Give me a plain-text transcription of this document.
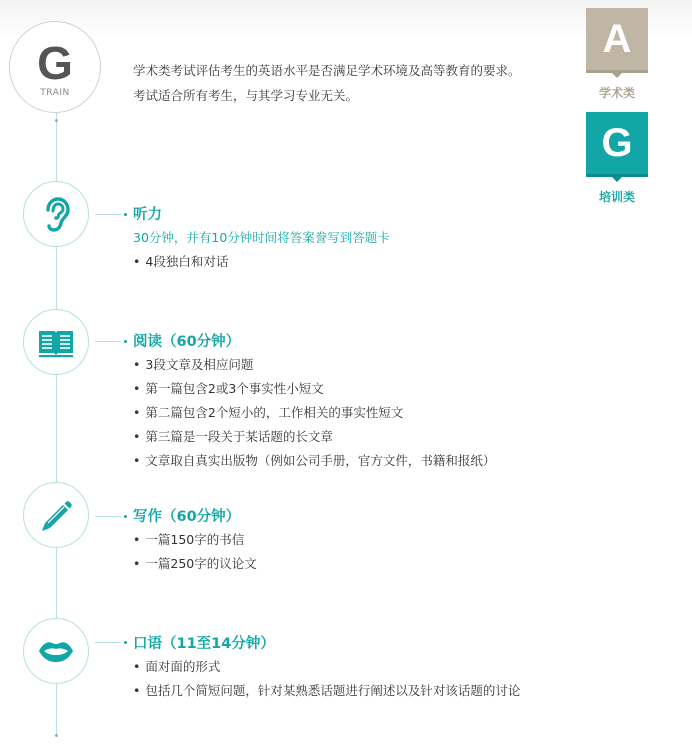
G
TRAIN
学术类考试评估考生的英语水平是否满足学术环境及高等教育的要求。
考试适合所有考生，与其学习专业无关。
A
学术类
G
培训类
听力
30分钟，并有10分钟时间将答案誊写到答题卡
• 4段独白和对话
阅读（60分钟）
• 3段文章及相应问题
• 第一篇包含2或3个事实性小短文
• 第二篇包含2个短小的，工作相关的事实性短文
• 第三篇是一段关于某话题的长文章
• 文章取自真实出版物（例如公司手册，官方文件，书籍和报纸）
写作（60分钟）
• 一篇150字的书信
• 一篇250字的议论文
口语（11至14分钟）
• 面对面的形式
• 包括几个简短问题，针对某熟悉话题进行阐述以及针对该话题的讨论
